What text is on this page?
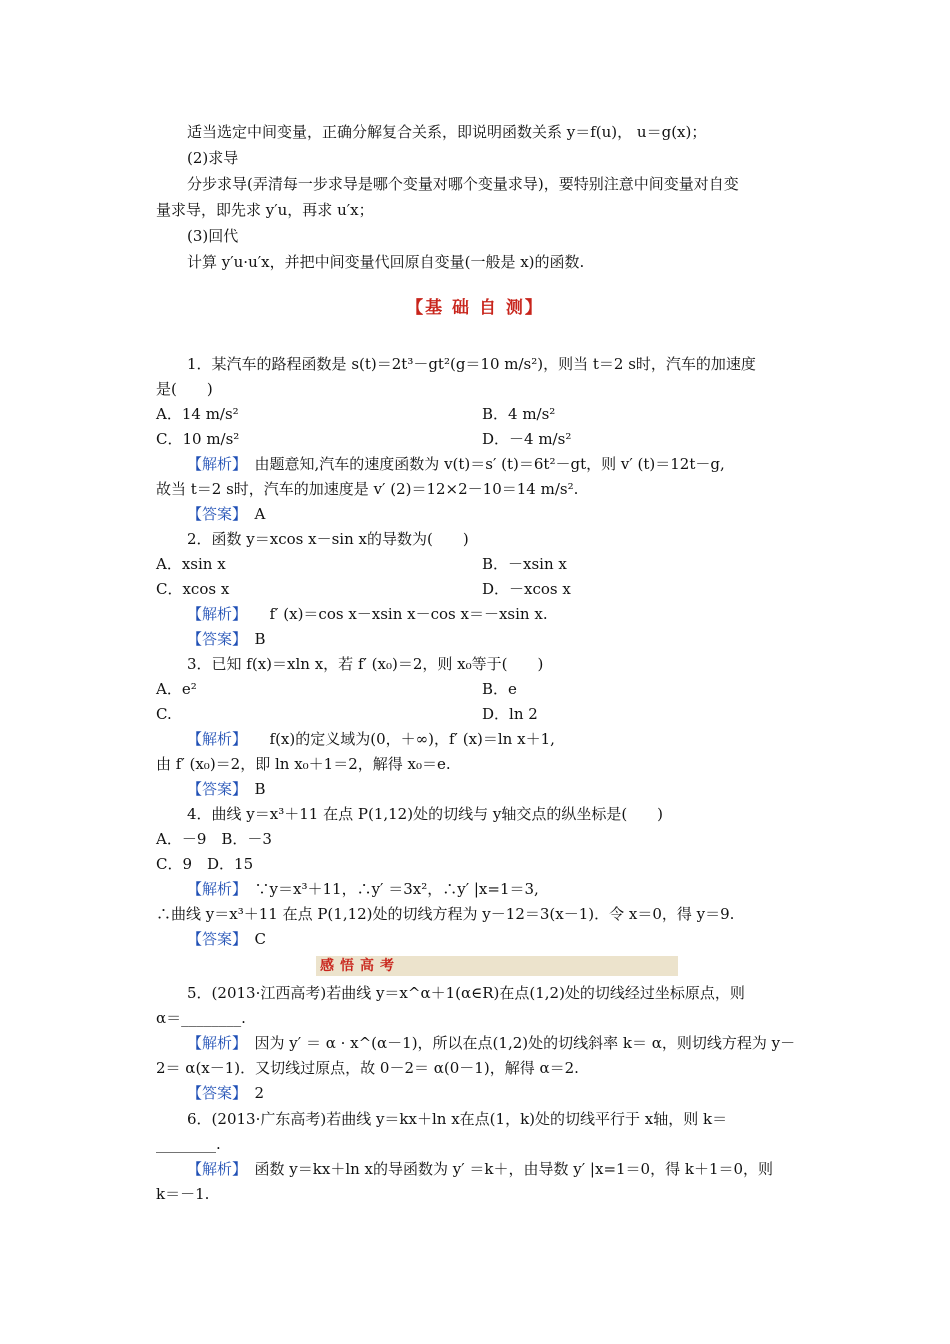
适当选定中间变量，正确分解复合关系，即说明函数关系 y＝f(u)， u＝g(x)；
(2)求导
分步求导(弄清每一步求导是哪个变量对哪个变量求导)，要特别注意中间变量对自变
量求导，即先求 y′u，再求 u′x；
(3)回代
计算 y′u·u′x，并把中间变量代回原自变量(一般是 x)的函数.
【基 础 自 测】
1．某汽车的路程函数是 s(t)＝2t³－gt²(g＝10 m/s²)，则当 t＝2 s时，汽车的加速度
是(　　)
A．14 m/s²	B．4 m/s²
C．10 m/s²	D．－4 m/s²
【解析】　 由题意知,汽车的速度函数为 v(t)＝s′ (t)＝6t²－gt，则 v′ (t)＝12t－g,
故当 t＝2 s时，汽车的加速度是 v′ (2)＝12×2－10＝14 m/s².
【答案】　 A
2．函数 y＝xcos x－sin x的导数为(　　)
A．xsin x	B．－xsin x
C．xcos x	D．－xcos x
【解析】　　 f′ (x)＝cos x－xsin x－cos x＝－xsin x.
【答案】　 B
3．已知 f(x)＝xln x，若 f′ (x₀)＝2，则 x₀等于(　　)
A．e²	B．e
C.	D．ln 2
【解析】　　 f(x)的定义域为(0，＋∞)，f′ (x)＝ln x＋1,
由 f′ (x₀)＝2，即 ln x₀＋1＝2，解得 x₀＝e.
【答案】　 B
4．曲线 y＝x³＋11 在点 P(1,12)处的切线与 y轴交点的纵坐标是(　　)
A．－9　B．－3
C．9　D．15
【解析】　 ∵y＝x³＋11，∴y′ ＝3x²，∴y′ |x=1＝3,
∴曲线 y＝x³＋11 在点 P(1,12)处的切线方程为 y－12＝3(x－1)．令 x＝0，得 y＝9.
【答案】　 C
感悟高考
5．(2013·江西高考)若曲线 y＝x^α＋1(α∈R)在点(1,2)处的切线经过坐标原点，则
α＝________.
【解析】　 因为 y′ ＝ α · x^(α－1)，所以在点(1,2)处的切线斜率 k＝ α，则切线方程为 y－
2＝ α(x－1)．又切线过原点，故 0－2＝ α(0－1)，解得 α＝2.
【答案】　 2
6．(2013·广东高考)若曲线 y＝kx＋ln x在点(1，k)处的切线平行于 x轴，则 k＝
________.
【解析】　 函数 y＝kx＋ln x的导函数为 y′ ＝k＋，由导数 y′ |x=1＝0，得 k＋1＝0，则
k＝－1.
